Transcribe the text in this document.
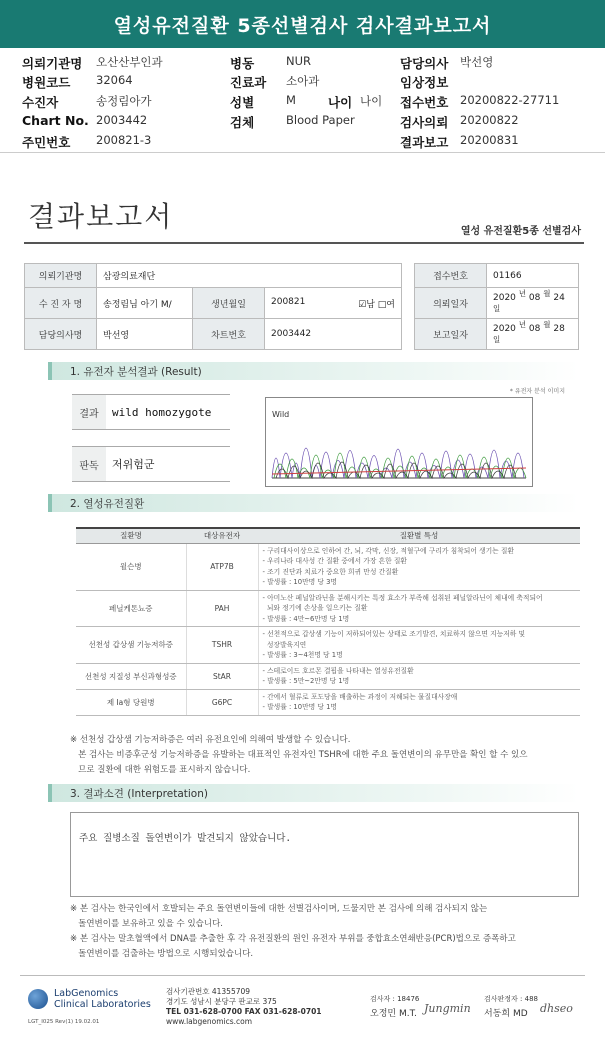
열성유전질환 5종선별검사 검사결과보고서
의뢰기관명 오산산부인과	병동	NUR	담당의사 박선영
병원코드 32064	진료과 소아과	임상정보
수진자	송정림아가	성별	M	나이 나이 접수번호 20200822-27711
Chart No. 2003442	검체	Blood Paper	검사의뢰 20200822
주민번호 200821-3	결과보고 20200831
결과보고서	열성 유전질환5종 선별검사
의뢰기관명	삼광의료재단				접수번호	01166
수 진 자 명	송정림님 아기 M/	생년월일	200821 ☑남 □여		의뢰일자	2020 $^년$ 08 $^월$ 24 $^일$
담당의사명	박선영	차트번호	2003442		보고일자	2020 $^년$ 08 $^월$ 28 $^일$
1. 유전자 분석결과 (Result)
* 유전자 분석 이미지
결과	wild homozygote
판독	저위험군
Wild
2. 열성유전질환
질환명	대상유전자	질환별 특성
윌슨병	ATP7B	- 구리대사이상으로 인하여 간, 뇌, 각막, 신장, 적혈구에 구리가 침착되어 생기는 질환
- 우리나라 대사성 간 질환 중에서 가장 흔한 질환
- 조기 진단과 치료가 중요한 희귀 만성 간질환
- 발생률 : 10만명 당 3명

페닐케톤뇨증	PAH	- 아미노산 페닐알라닌을 분해시키는 특정 효소가 부족해 섭취된 페닐알라닌이 체내에 축적되어
뇌와 정기에 손상을 일으키는 질환
- 발생률 : 4만~6만명 당 1명

선천성 갑상샘 기능저하증	TSHR	- 선천적으로 갑상샘 기능이 저하되어있는 상태로 조기발견, 치료하지 않으면 지능저하 및
성장발육지연
- 발생률 : 3~4천명 당 1명

선천성 지질성 부신과형성증	StAR	- 스테로이드 호르몬 결핍을 나타내는 열성유전질환
- 발생률 : 5만~2만명 당 1명

제 Ia형 당원병	G6PC	- 간에서 혈류로 포도당을 배출하는 과정이 저해되는 물질대사장애
- 발생률 : 10만명 당 1명
※ 선천성 갑상샘 기능저하증은 여러 유전요인에 의해여 발생할 수 있습니다.
본 검사는 비증후군성 기능저하증을 유발하는 대표적인 유전자인 TSHR에 대한 주요 돌연변이의 유무만을 확인 할 수 있으
므로 질환에 대한 위험도를 표시하지 않습니다.
3. 결과소견 (Interpretation)
주요 질병소질 돌연변이가 발견되지 않았습니다.
※ 본 검사는 한국인에서 호발되는 주요 돌연변이들에 대한 선별검사이며, 드물지만 본 검사에 의해 검사되지 않는
돌연변이를 보유하고 있을 수 있습니다.
※ 본 검사는 말초혈액에서 DNA를 추출한 후 각 유전질환의 원인 유전자 부위를 중합효소연쇄반응(PCR)법으로 증폭하고
돌연변이를 검출하는 방법으로 시행되었습니다.
LabGenomics
Clinical Laboratories
LGT_I025 Rev(1) 19.02.01
검사기관번호 41355709
경기도 성남시 분당구 판교로 375
TEL 031-628-0700 FAX 031-628-0701
www.labgenomics.com
검사자 : 18476
오정민 M.T. Jungmin
검사판정자 : 488
서동희 MD dhseo
